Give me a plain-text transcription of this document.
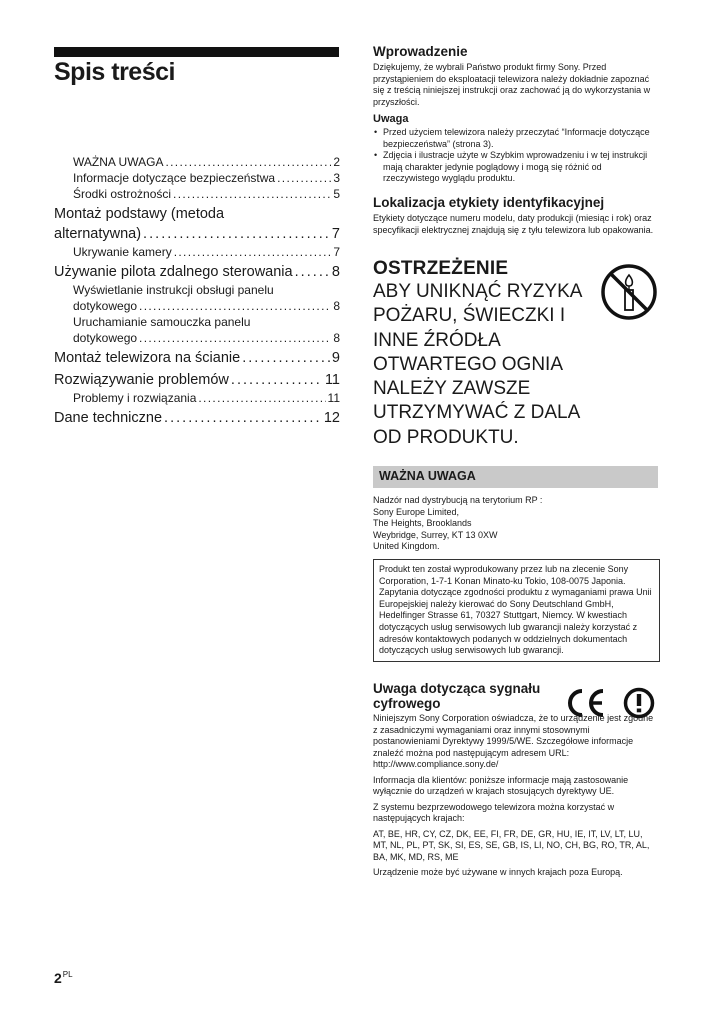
Spis treści
WAŻNA UWAGA . . .	2
Informacje dotyczące bezpieczeństwa . . .	3
Środki ostrożności . . .	5
Montaż podstawy (metoda
alternatywna) . . .	7
Ukrywanie kamery . . .	7
Używanie pilota zdalnego sterowania . . .	8
Wyświetlanie instrukcji obsługi panelu
dotykowego . . .	8
Uruchamianie samouczka panelu
dotykowego . . .	8
Montaż telewizora na ścianie . . .	9
Rozwiązywanie problemów . . .	11
Problemy i rozwiązania . . .	11
Dane techniczne . . .	12
Wprowadzenie

Dziękujemy, że wybrali Państwo produkt firmy Sony. Przed przystąpieniem do eksploatacji telewizora należy dokładnie zapoznać się z treścią niniejszej instrukcji oraz zachować ją do wykorzystania w przyszłości.

Uwaga
• Przed użyciem telewizora należy przeczytać “Informacje dotyczące bezpieczeństwa” (strona 3).
• Zdjęcia i ilustracje użyte w Szybkim wprowadzeniu i w tej instrukcji mają charakter jedynie poglądowy i mogą się różnić od rzeczywistego wyglądu produktu.
Lokalizacja etykiety identyfikacyjnej

Etykiety dotyczące numeru modelu, daty produkcji (miesiąc i rok) oraz specyfikacji elektrycznej znajdują się z tyłu telewizora lub opakowania.

OSTRZEŻENIE
ABY UNIKNĄĆ RYZYKA POŻARU, ŚWIECZKI I INNE ŹRÓDŁA OTWARTEGO OGNIA NALEŻY ZAWSZE UTRZYMYWAĆ Z DALA OD PRODUKTU.
WAŻNA UWAGA
Nadzór nad dystrybucją na terytorium RP :
Sony Europe Limited,
The Heights, Brooklands
Weybridge, Surrey, KT 13 0XW
United Kingdom.

Produkt ten został wyprodukowany przez lub na zlecenie Sony Corporation, 1-7-1 Konan Minato-ku Tokio, 108-0075 Japonia. Zapytania dotyczące zgodności produktu z wymaganiami prawa Unii Europejskiej należy kierować do Sony Deutschland GmbH, Hedelfinger Strasse 61, 70327 Stuttgart, Niemcy. W kwestiach dotyczących usług serwisowych lub gwarancji należy korzystać z adresów kontaktowych podanych w oddzielnych dokumentach dotyczących usług serwisowych lub gwarancji.

Uwaga dotycząca sygnału
cyfrowego

Niniejszym Sony Corporation oświadcza, że to urządzenie jest zgodne z zasadniczymi wymaganiami oraz innymi stosownymi postanowieniami Dyrektywy 1999/5/WE. Szczegółowe informacje znaleźć można pod następującym adresem URL:

http://www.compliance.sony.de/

Informacja dla klientów: poniższe informacje mają zastosowanie wyłącznie do urządzeń w krajach stosujących dyrektywy UE.

Z systemu bezprzewodowego telewizora można korzystać w następujących krajach:

AT, BE, HR, CY, CZ, DK, EE, FI, FR, DE, GR, HU, IE, IT, LV, LT, LU, MT, NL, PL, PT, SK, SI, ES, SE, GB, IS, LI, NO, CH, BG, RO, TR, AL, BA, MK, MD, RS, ME

Urządzenie może być używane w innych krajach poza Europą.

$2^{PL}$
